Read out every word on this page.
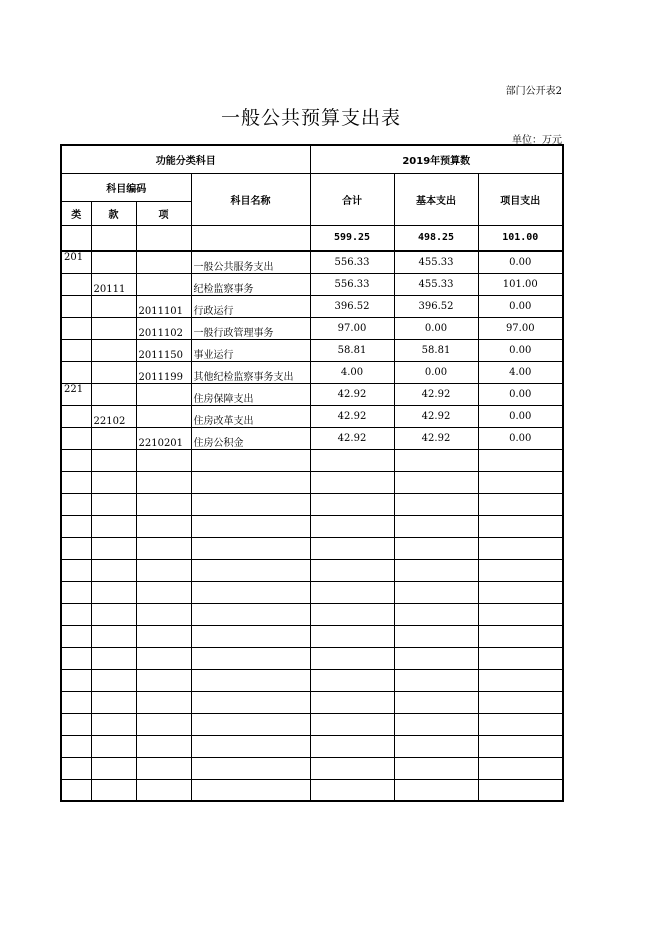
部门公开表2
一般公共预算支出表
单位：万元
功能分类科目				2019年预算数		
科目编码			科目名称	合计	基本支出	项目支出
类	款	项				
				599.25	498.25	101.00
201			一般公共服务支出	556.33	455.33	0.00
	20111		纪检监察事务	556.33	455.33	101.00
		2011101	行政运行	396.52	396.52	0.00
		2011102	一般行政管理事务	97.00	0.00	97.00
		2011150	事业运行	58.81	58.81	0.00
		2011199	其他纪检监察事务支出	4.00	0.00	4.00
221			住房保障支出	42.92	42.92	0.00
	22102		住房改革支出	42.92	42.92	0.00
		2210201	住房公积金	42.92	42.92	0.00
